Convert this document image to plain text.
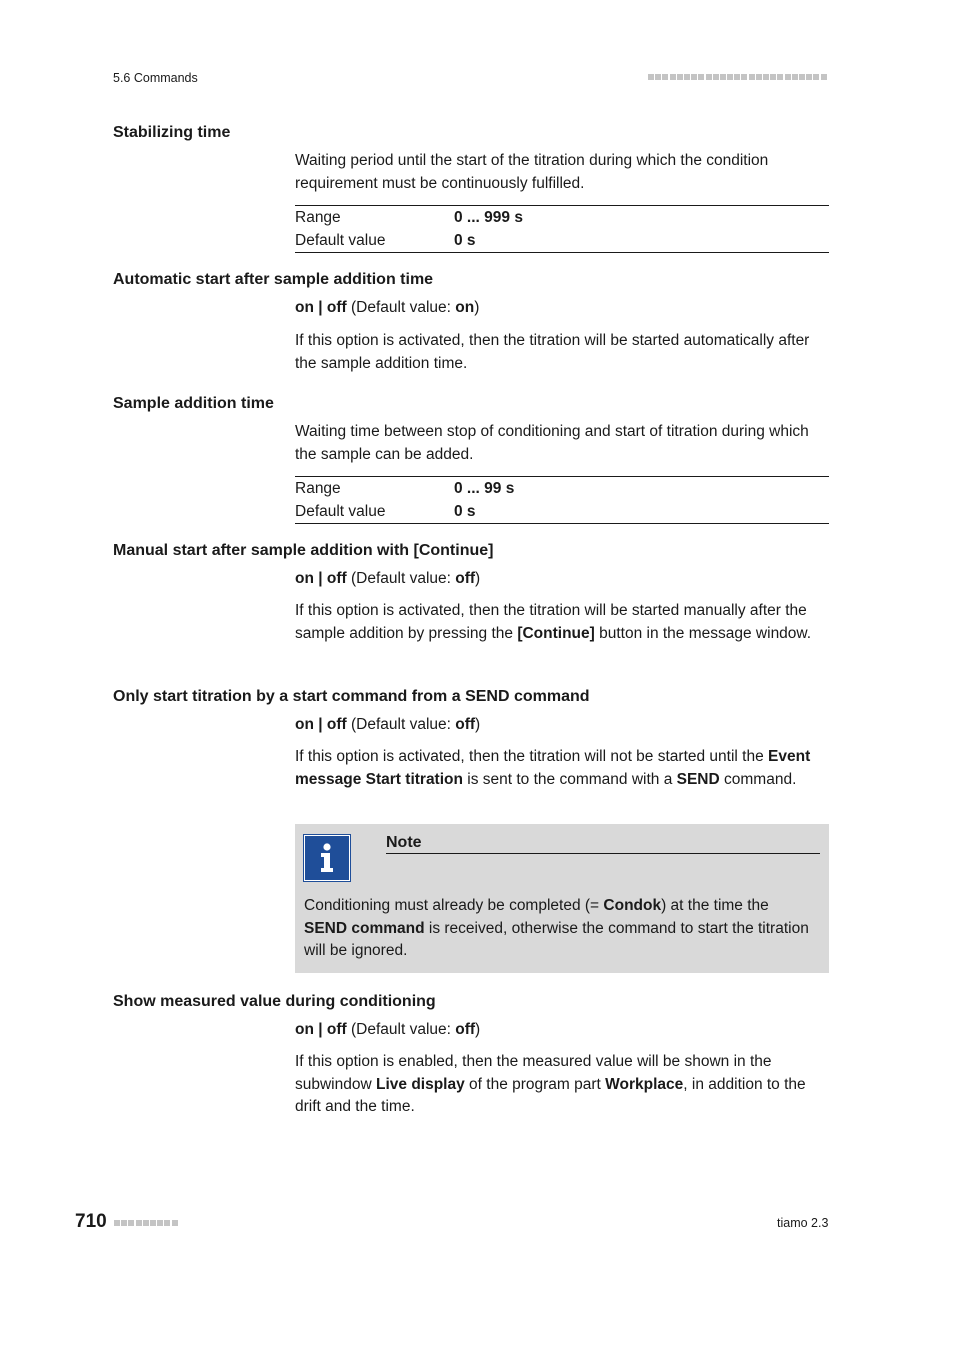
5.6 Commands
Stabilizing time
Waiting period until the start of the titration during which the condition requirement must be continuously fulfilled.
Range	0 ... 999 s
Default value	0 s
Automatic start after sample addition time
on | off (Default value: on)
If this option is activated, then the titration will be started automatically after the sample addition time.
Sample addition time
Waiting time between stop of conditioning and start of titration during which the sample can be added.
Range	0 ... 99 s
Default value	0 s
Manual start after sample addition with [Continue]
on | off (Default value: off)
If this option is activated, then the titration will be started manually after the sample addition by pressing the [Continue] button in the message window.
Only start titration by a start command from a SEND command
on | off (Default value: off)
If this option is activated, then the titration will not be started until the Event message Start titration is sent to the command with a SEND command.
Note
Conditioning must already be completed (= Condok) at the time the SEND command is received, otherwise the command to start the titration will be ignored.
Show measured value during conditioning
on | off (Default value: off)
If this option is enabled, then the measured value will be shown in the subwindow Live display of the program part Workplace, in addition to the drift and the time.
710	tiamo 2.3
